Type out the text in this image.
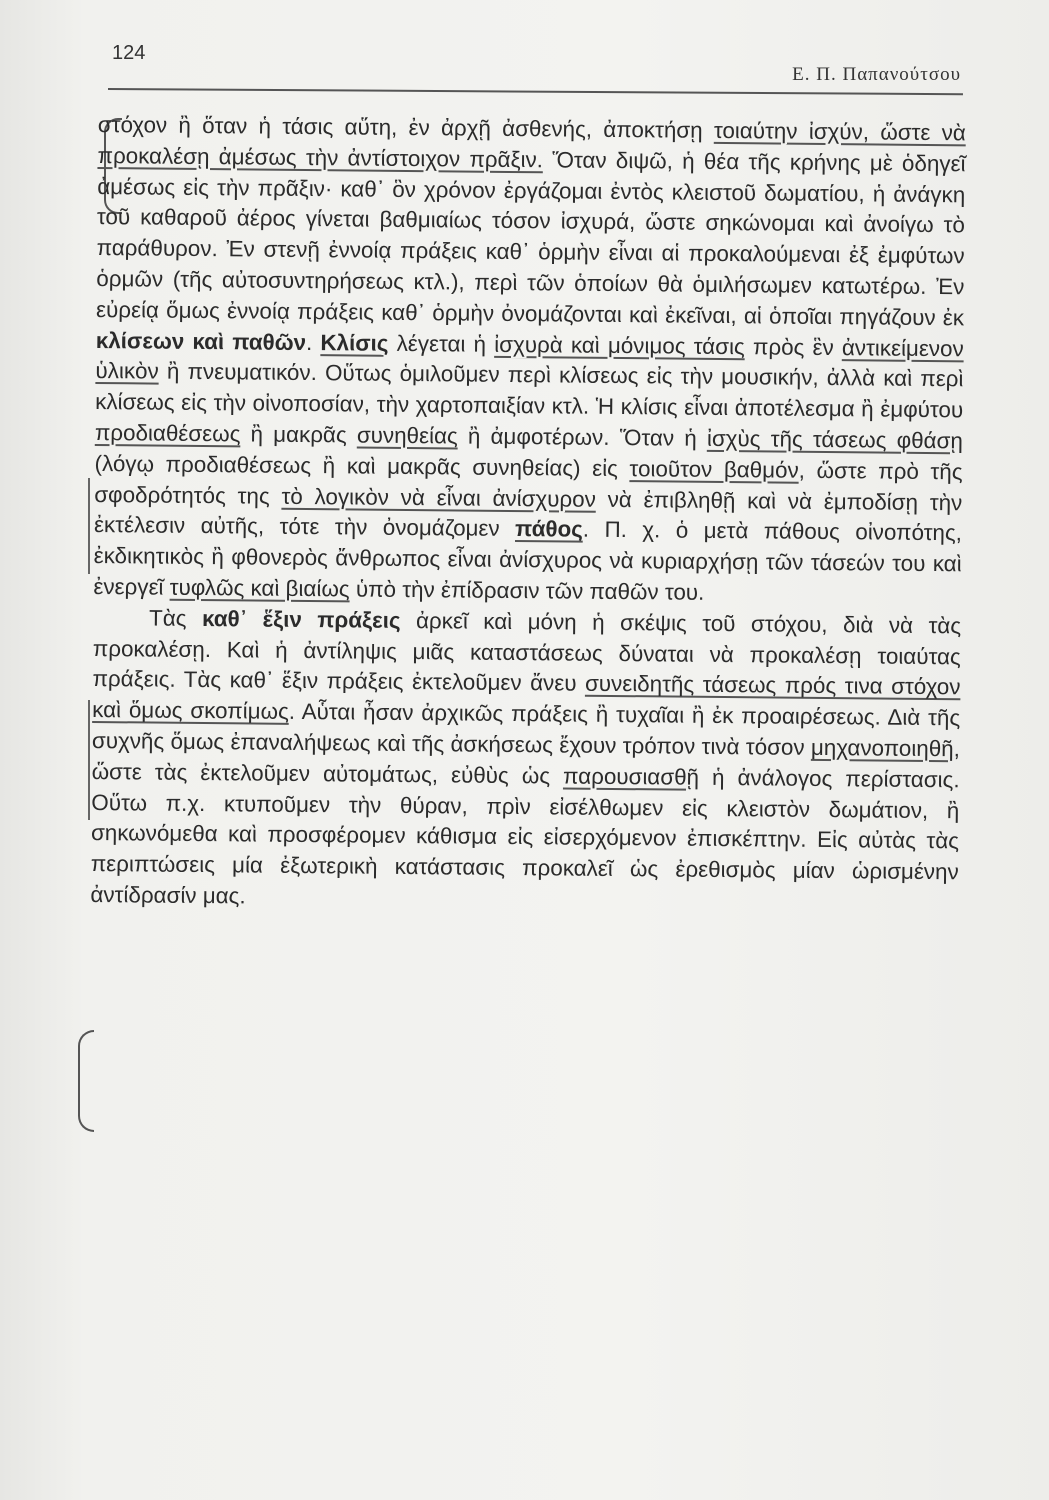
124
Ε. Π. Παπανούτσου

στόχον ἢ ὅταν ἡ τάσις αὕτη, ἐν ἀρχῇ ἀσθενής, ἀποκτήσῃ τοιαύτην ἰσχύν, ὥστε νὰ προκαλέσῃ ἀμέσως τὴν ἀντίστοιχον πρᾶξιν. Ὅταν διψῶ, ἡ θέα τῆς κρήνης μὲ ὁδηγεῖ ἀμέσως εἰς τὴν πρᾶξιν· καθ᾽ ὃν χρόνον ἐργάζομαι ἐντὸς κλειστοῦ δωματίου, ἡ ἀνάγκη τοῦ καθαροῦ ἀέρος γίνεται βαθμιαίως τόσον ἰσχυρά, ὥστε σηκώνομαι καὶ ἀνοίγω τὸ παράθυρον. Ἐν στενῇ ἐννοίᾳ πράξεις καθ᾽ ὁρμὴν εἶναι αἱ προκαλούμεναι ἐξ ἐμφύτων ὁρμῶν (τῆς αὐτοσυντηρήσεως κτλ.), περὶ τῶν ὁποίων θὰ ὁμιλήσωμεν κατωτέρω. Ἐν εὐρείᾳ ὅμως ἐννοίᾳ πράξεις καθ᾽ ὁρμὴν ὀνομάζονται καὶ ἐκεῖναι, αἱ ὁποῖαι πηγάζουν ἐκ κλίσεων καὶ παθῶν. Κλίσις λέγεται ἡ ἰσχυρὰ καὶ μόνιμος τάσις πρὸς ἓν ἀντικείμενον ὑλικὸν ἢ πνευματικόν. Οὕτως ὁμιλοῦμεν περὶ κλίσεως εἰς τὴν μουσικήν, ἀλλὰ καὶ περὶ κλίσεως εἰς τὴν οἰνοποσίαν, τὴν χαρτοπαιξίαν κτλ. Ἡ κλίσις εἶναι ἀποτέλεσμα ἢ ἐμφύτου προδιαθέσεως ἢ μακρᾶς συνηθείας ἢ ἀμφοτέρων. Ὅταν ἡ ἰσχὺς τῆς τάσεως φθάσῃ (λόγῳ προδιαθέσεως ἢ καὶ μακρᾶς συνηθείας) εἰς τοιοῦτον βαθμόν, ὥστε πρὸ τῆς σφοδρότητός της τὸ λογικὸν νὰ εἶναι ἀνίσχυρον νὰ ἐπιβληθῇ καὶ νὰ ἐμποδίσῃ τὴν ἐκτέλεσιν αὐτῆς, τότε τὴν ὀνομάζομεν πάθος. Π. χ. ὁ μετὰ πάθους οἰνοπότης, ἐκδικητικὸς ἢ φθονερὸς ἄνθρωπος εἶναι ἀνίσχυρος νὰ κυριαρχήσῃ τῶν τάσεών του καὶ ἐνεργεῖ τυφλῶς καὶ βιαίως ὑπὸ τὴν ἐπίδρασιν τῶν παθῶν του.

Τὰς καθ᾽ ἕξιν πράξεις ἀρκεῖ καὶ μόνη ἡ σκέψις τοῦ στόχου, διὰ νὰ τὰς προκαλέσῃ. Καὶ ἡ ἀντίληψις μιᾶς καταστάσεως δύναται νὰ προκαλέσῃ τοιαύτας πράξεις. Τὰς καθ᾽ ἕξιν πράξεις ἐκτελοῦμεν ἄνευ συνειδητῆς τάσεως πρός τινα στόχον καὶ ὅμως σκοπίμως. Αὗται ἦσαν ἀρχικῶς πράξεις ἢ τυχαῖαι ἢ ἐκ προαιρέσεως. Διὰ τῆς συχνῆς ὅμως ἐπαναλήψεως καὶ τῆς ἀσκήσεως ἔχουν τρόπον τινὰ τόσον μηχανοποιηθῆ, ὥστε τὰς ἐκτελοῦμεν αὐτομάτως, εὐθὺς ὡς παρουσιασθῇ ἡ ἀνάλογος περίστασις. Οὕτω π.χ. κτυποῦμεν τὴν θύραν, πρὶν εἰσέλθωμεν εἰς κλειστὸν δωμάτιον, ἢ σηκωνόμεθα καὶ προσφέρομεν κάθισμα εἰς εἰσερχόμενον ἐπισκέπτην. Εἰς αὐτὰς τὰς περιπτώσεις μία ἐξωτερικὴ κατάστασις προκαλεῖ ὡς ἐρεθισμὸς μίαν ὡρισμένην ἀντίδρασίν μας.
